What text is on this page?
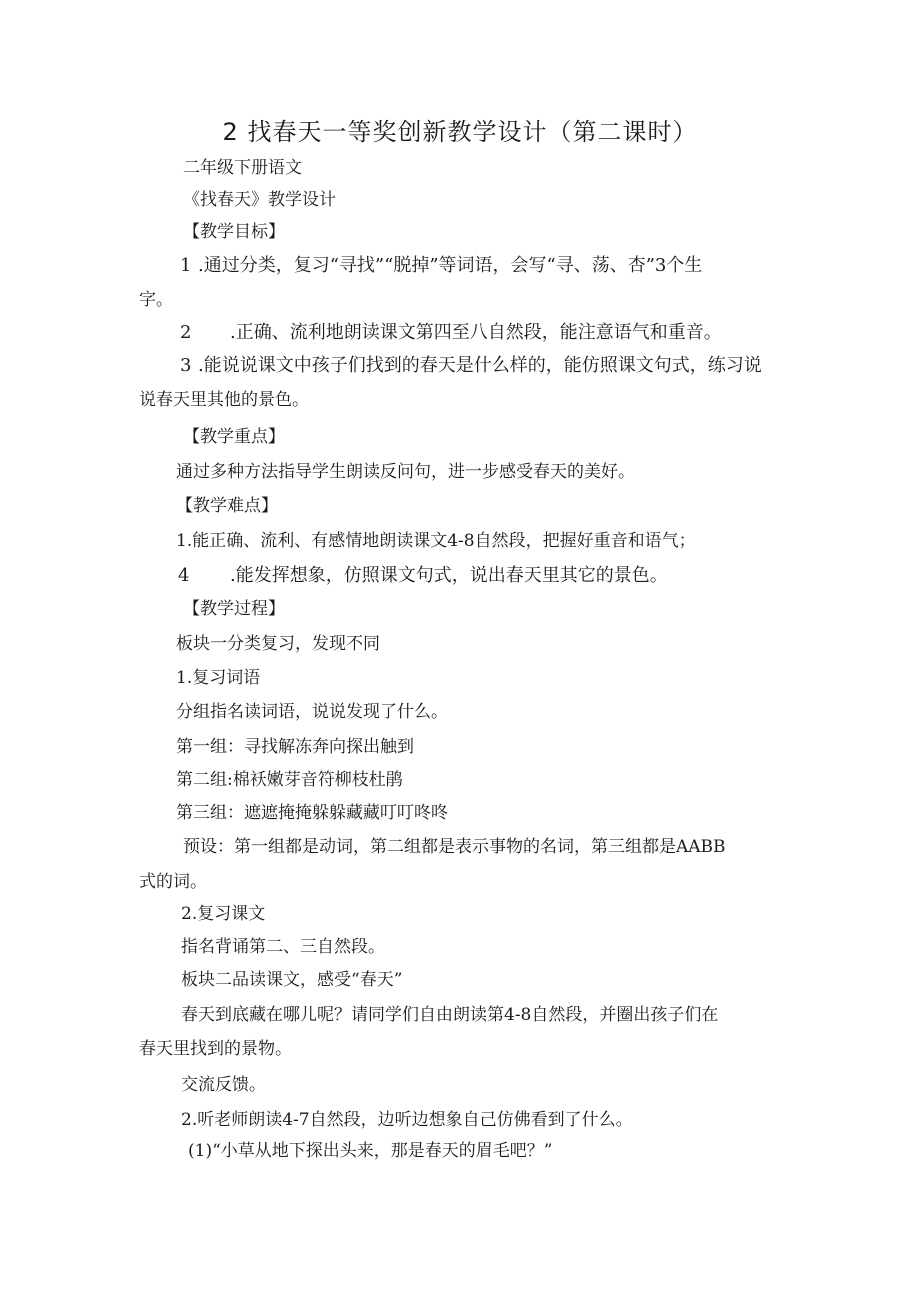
2 找春天一等奖创新教学设计（第二课时）
二年级下册语文
《找春天》教学设计
【教学目标】
1 .通过分类，复习“寻找”“脱掉”等词语，会写“寻、荡、杏”3个生
字。
2 .正确、流利地朗读课文第四至八自然段，能注意语气和重音。
3 .能说说课文中孩子们找到的春天是什么样的，能仿照课文句式，练习说
说春天里其他的景色。
【教学重点】
通过多种方法指导学生朗读反问句，进一步感受春天的美好。
【教学难点】
1.能正确、流利、有感情地朗读课文4-8自然段，把握好重音和语气；
4 .能发挥想象，仿照课文句式，说出春天里其它的景色。
【教学过程】
板块一分类复习，发现不同
1.复习词语
分组指名读词语，说说发现了什么。
第一组：寻找解冻奔向探出触到
第二组:棉袄嫩芽音符柳枝杜鹃
第三组：遮遮掩掩躲躲藏藏叮叮咚咚
预设：第一组都是动词，第二组都是表示事物的名词，第三组都是AABB
式的词。
2.复习课文
指名背诵第二、三自然段。
板块二品读课文，感受“春天”
春天到底藏在哪儿呢？请同学们自由朗读第4-8自然段，并圈出孩子们在
春天里找到的景物。
交流反馈。
2.听老师朗读4-7自然段，边听边想象自己仿佛看到了什么。
(1)“小草从地下探出头来，那是春天的眉毛吧？”
